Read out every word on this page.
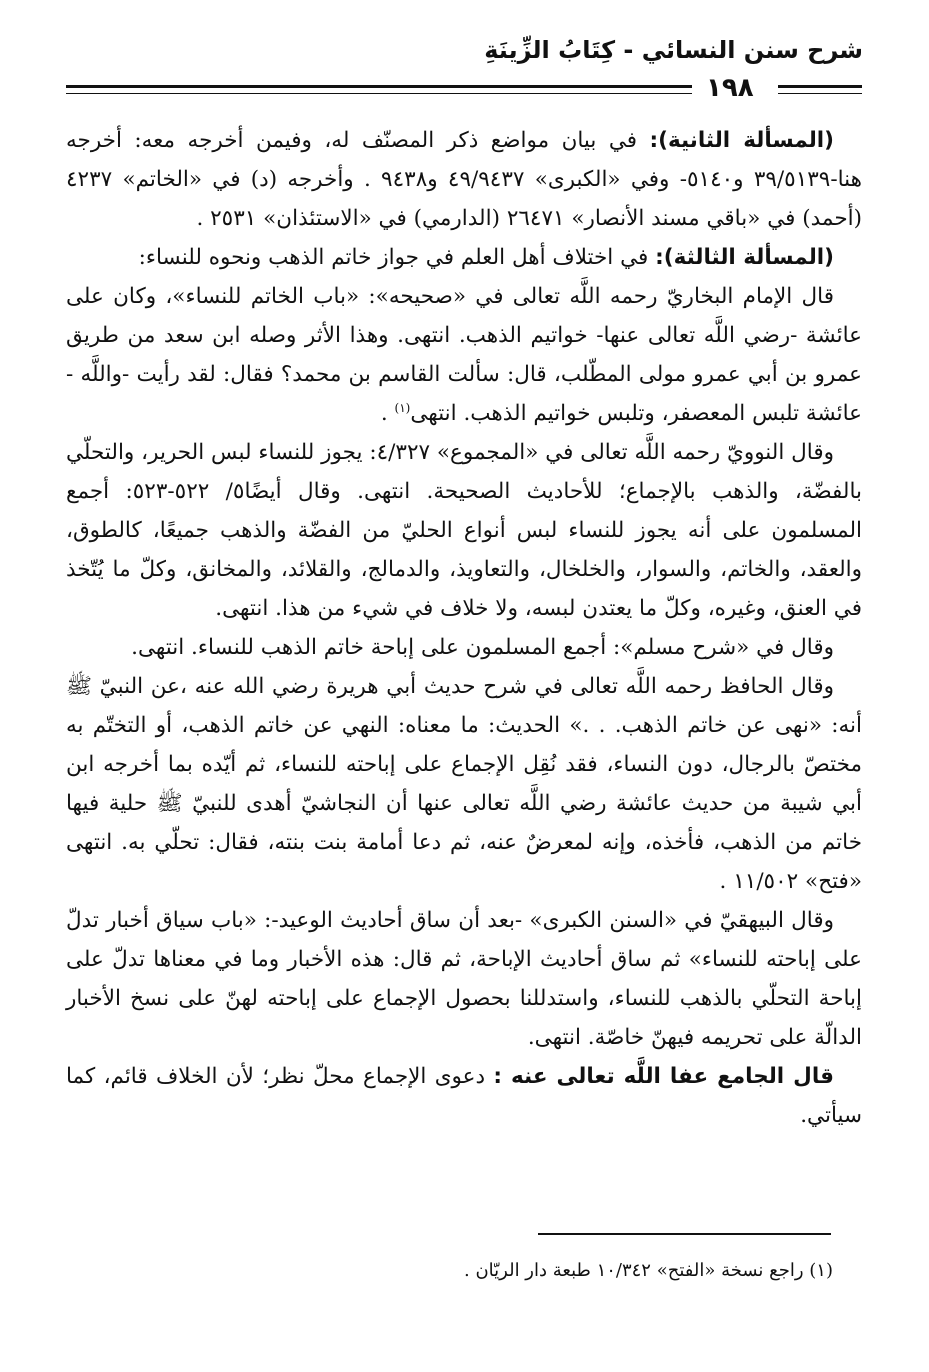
شرح سنن النسائي - كِتَابُ الزِّينَةِ
١٩٨

(المسألة الثانية): في بيان مواضع ذكر المصنّف له، وفيمن أخرجه معه: أخرجه هنا-٣٩/٥١٣٩ و٥١٤٠- وفي «الكبرى» ٤٩/٩٤٣٧ و٩٤٣٨ . وأخرجه (د) في «الخاتم» ٤٢٣٧ (أحمد) في «باقي مسند الأنصار» ٢٦٤٧١ (الدارمي) في «الاستئذان» ٢٥٣١ .

(المسألة الثالثة): في اختلاف أهل العلم في جواز خاتم الذهب ونحوه للنساء:

قال الإمام البخاريّ رحمه اللَّه تعالى في «صحيحه»: «باب الخاتم للنساء»، وكان على عائشة -رضي اللَّه تعالى عنها- خواتيم الذهب. انتهى. وهذا الأثر وصله ابن سعد من طريق عمرو بن أبي عمرو مولى المطّلب، قال: سألت القاسم بن محمد؟ فقال: لقد رأيت -واللَّه - عائشة تلبس المعصفر، وتلبس خواتيم الذهب. انتهى$^{(١)}$ .

وقال النوويّ رحمه اللَّه تعالى في «المجموع» ٤/٣٢٧: يجوز للنساء لبس الحرير، والتحلّي بالفضّة، والذهب بالإجماع؛ للأحاديث الصحيحة. انتهى. وقال أيضًا٥/ ٥٢٢-٥٢٣: أجمع المسلمون على أنه يجوز للنساء لبس أنواع الحليّ من الفضّة والذهب جميعًا، كالطوق، والعقد، والخاتم، والسوار، والخلخال، والتعاويذ، والدمالج، والقلائد، والمخانق، وكلّ ما يُتّخذ في العنق، وغيره، وكلّ ما يعتدن لبسه، ولا خلاف في شيء من هذا. انتهى.

وقال في «شرح مسلم»: أجمع المسلمون على إباحة خاتم الذهب للنساء. انتهى.

وقال الحافظ رحمه اللَّه تعالى في شرح حديث أبي هريرة رضي الله عنه ،عن النبيّ ﷺ أنه: «نهى عن خاتم الذهب. . .» الحديث: ما معناه: النهي عن خاتم الذهب، أو التختّم به مختصّ بالرجال، دون النساء، فقد نُقِل الإجماع على إباحته للنساء، ثم أيّده بما أخرجه ابن أبي شيبة من حديث عائشة رضي اللَّه تعالى عنها أن النجاشيّ أهدى للنبيّ ﷺ حلية فيها خاتم من الذهب، فأخذه، وإنه لمعرضٌ عنه، ثم دعا أمامة بنت بنته، فقال: تحلّي به. انتهى «فتح» ١١/٥٠٢ .

وقال البيهقيّ في «السنن الكبرى» -بعد أن ساق أحاديث الوعيد-: «باب سياق أخبار تدلّ على إباحته للنساء» ثم ساق أحاديث الإباحة، ثم قال: هذه الأخبار وما في معناها تدلّ على إباحة التحلّي بالذهب للنساء، واستدللنا بحصول الإجماع على إباحته لهنّ على نسخ الأخبار الدالّة على تحريمه فيهنّ خاصّة. انتهى.

قال الجامع عفا اللَّه تعالى عنه : دعوى الإجماع محلّ نظر؛ لأن الخلاف قائم، كما سيأتي.

(١) راجع نسخة «الفتح» ١٠/٣٤٢ طبعة دار الريّان .
